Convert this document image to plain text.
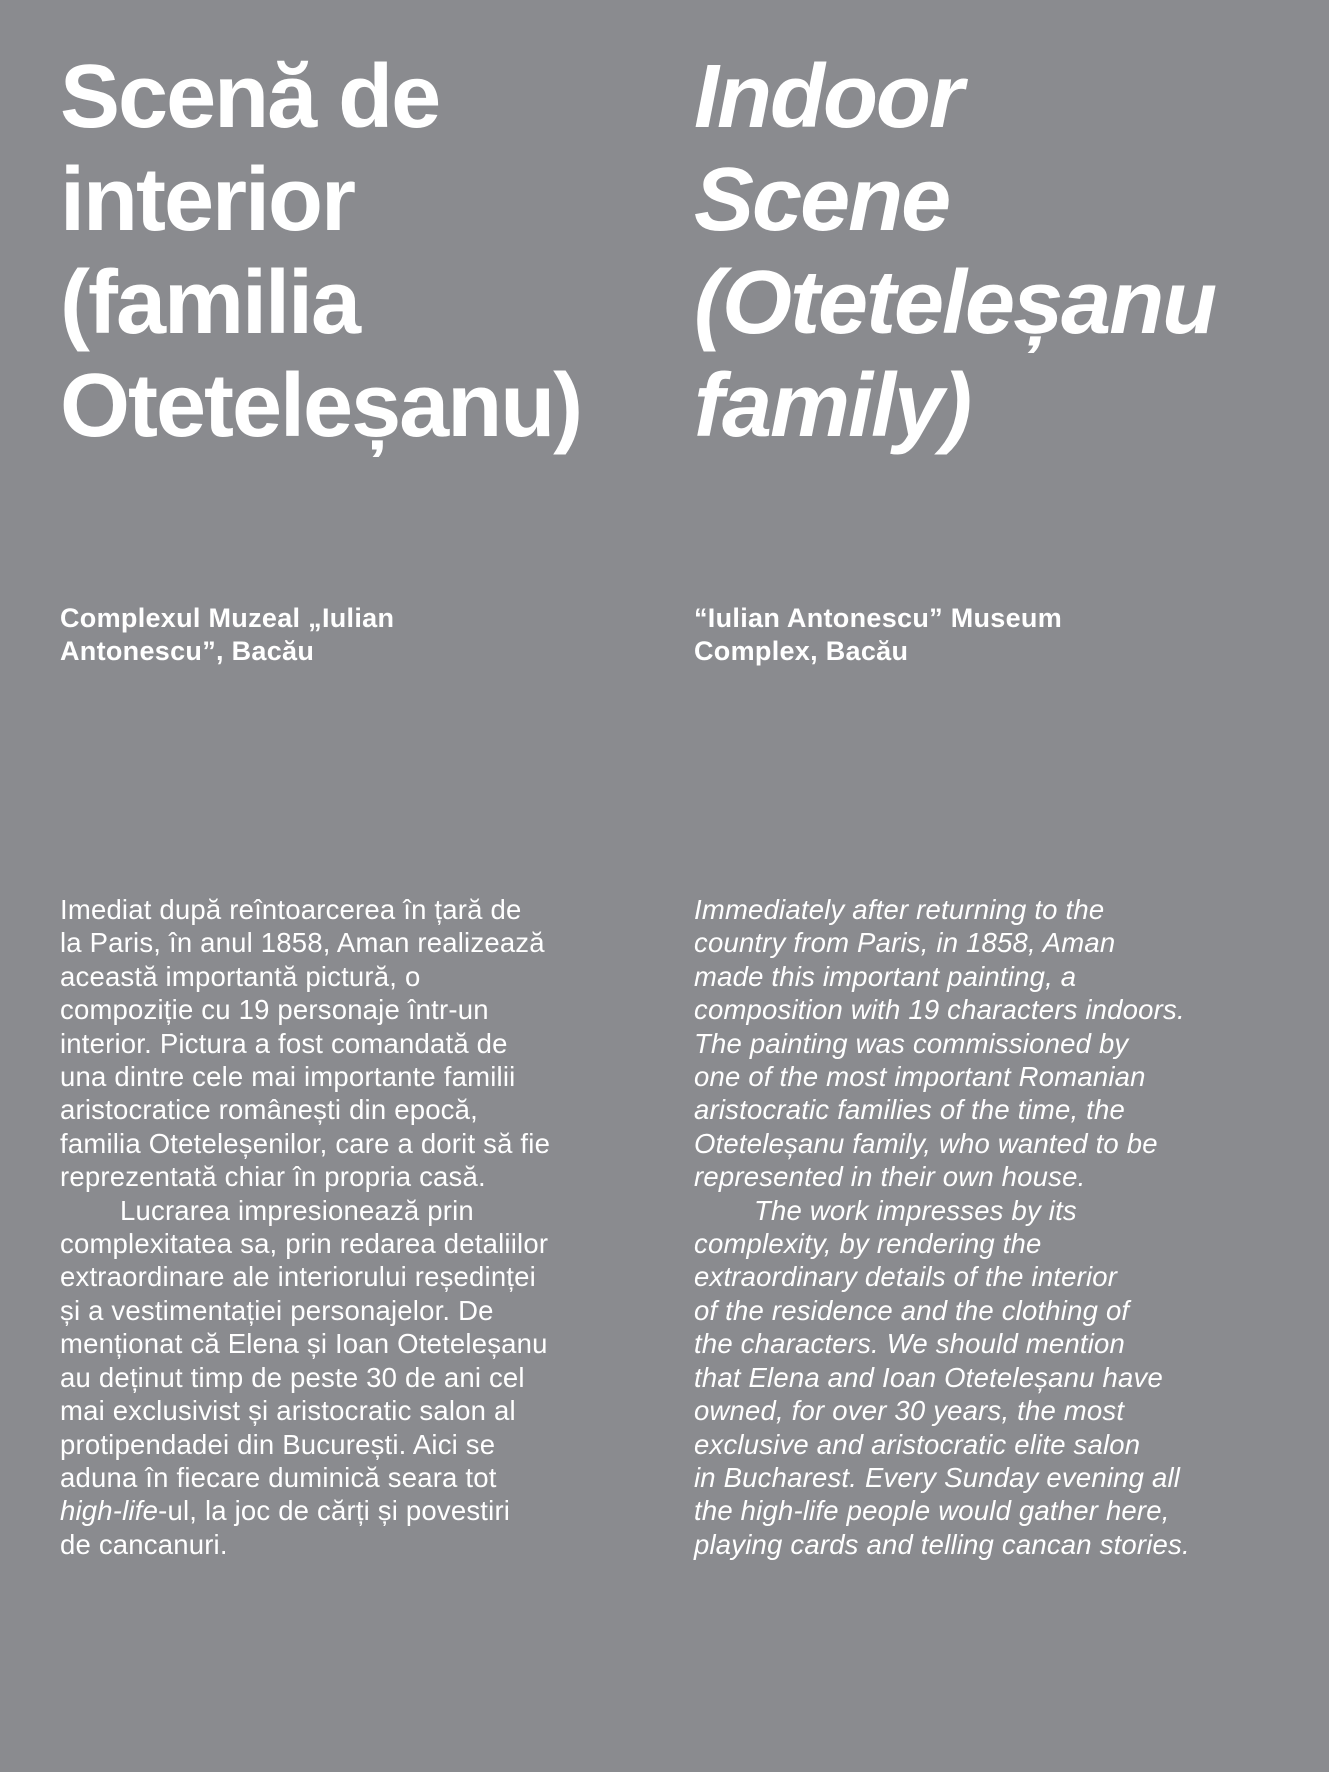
Scenă de
interior
(familia
Oteteleșanu)

Complexul Muzeal „Iulian
Antonescu”, Bacău

Imediat după reîntoarcerea în țară de
la Paris, în anul 1858, Aman realizează
această importantă pictură, o
compoziție cu 19 personaje într-un
interior. Pictura a fost comandată de
una dintre cele mai importante familii
aristocratice românești din epocă,
familia Oteteleșenilor, care a dorit să fie
reprezentată chiar în propria casă.
Lucrarea impresionează prin
complexitatea sa, prin redarea detaliilor
extraordinare ale interiorului reședinței
și a vestimentației personajelor. De
menționat că Elena și Ioan Oteteleșanu
au deținut timp de peste 30 de ani cel
mai exclusivist și aristocratic salon al
protipendadei din București. Aici se
aduna în fiecare duminică seara tot
high-life-ul, la joc de cărți și povestiri
de cancanuri.

Indoor
Scene
(Oteteleșanu
family)

“Iulian Antonescu” Museum
Complex, Bacău

Immediately after returning to the
country from Paris, in 1858, Aman
made this important painting, a
composition with 19 characters indoors.
The painting was commissioned by
one of the most important Romanian
aristocratic families of the time, the
Oteteleșanu family, who wanted to be
represented in their own house.
The work impresses by its
complexity, by rendering the
extraordinary details of the interior
of the residence and the clothing of
the characters. We should mention
that Elena and Ioan Oteteleșanu have
owned, for over 30 years, the most
exclusive and aristocratic elite salon
in Bucharest. Every Sunday evening all
the high-life people would gather here,
playing cards and telling cancan stories.
